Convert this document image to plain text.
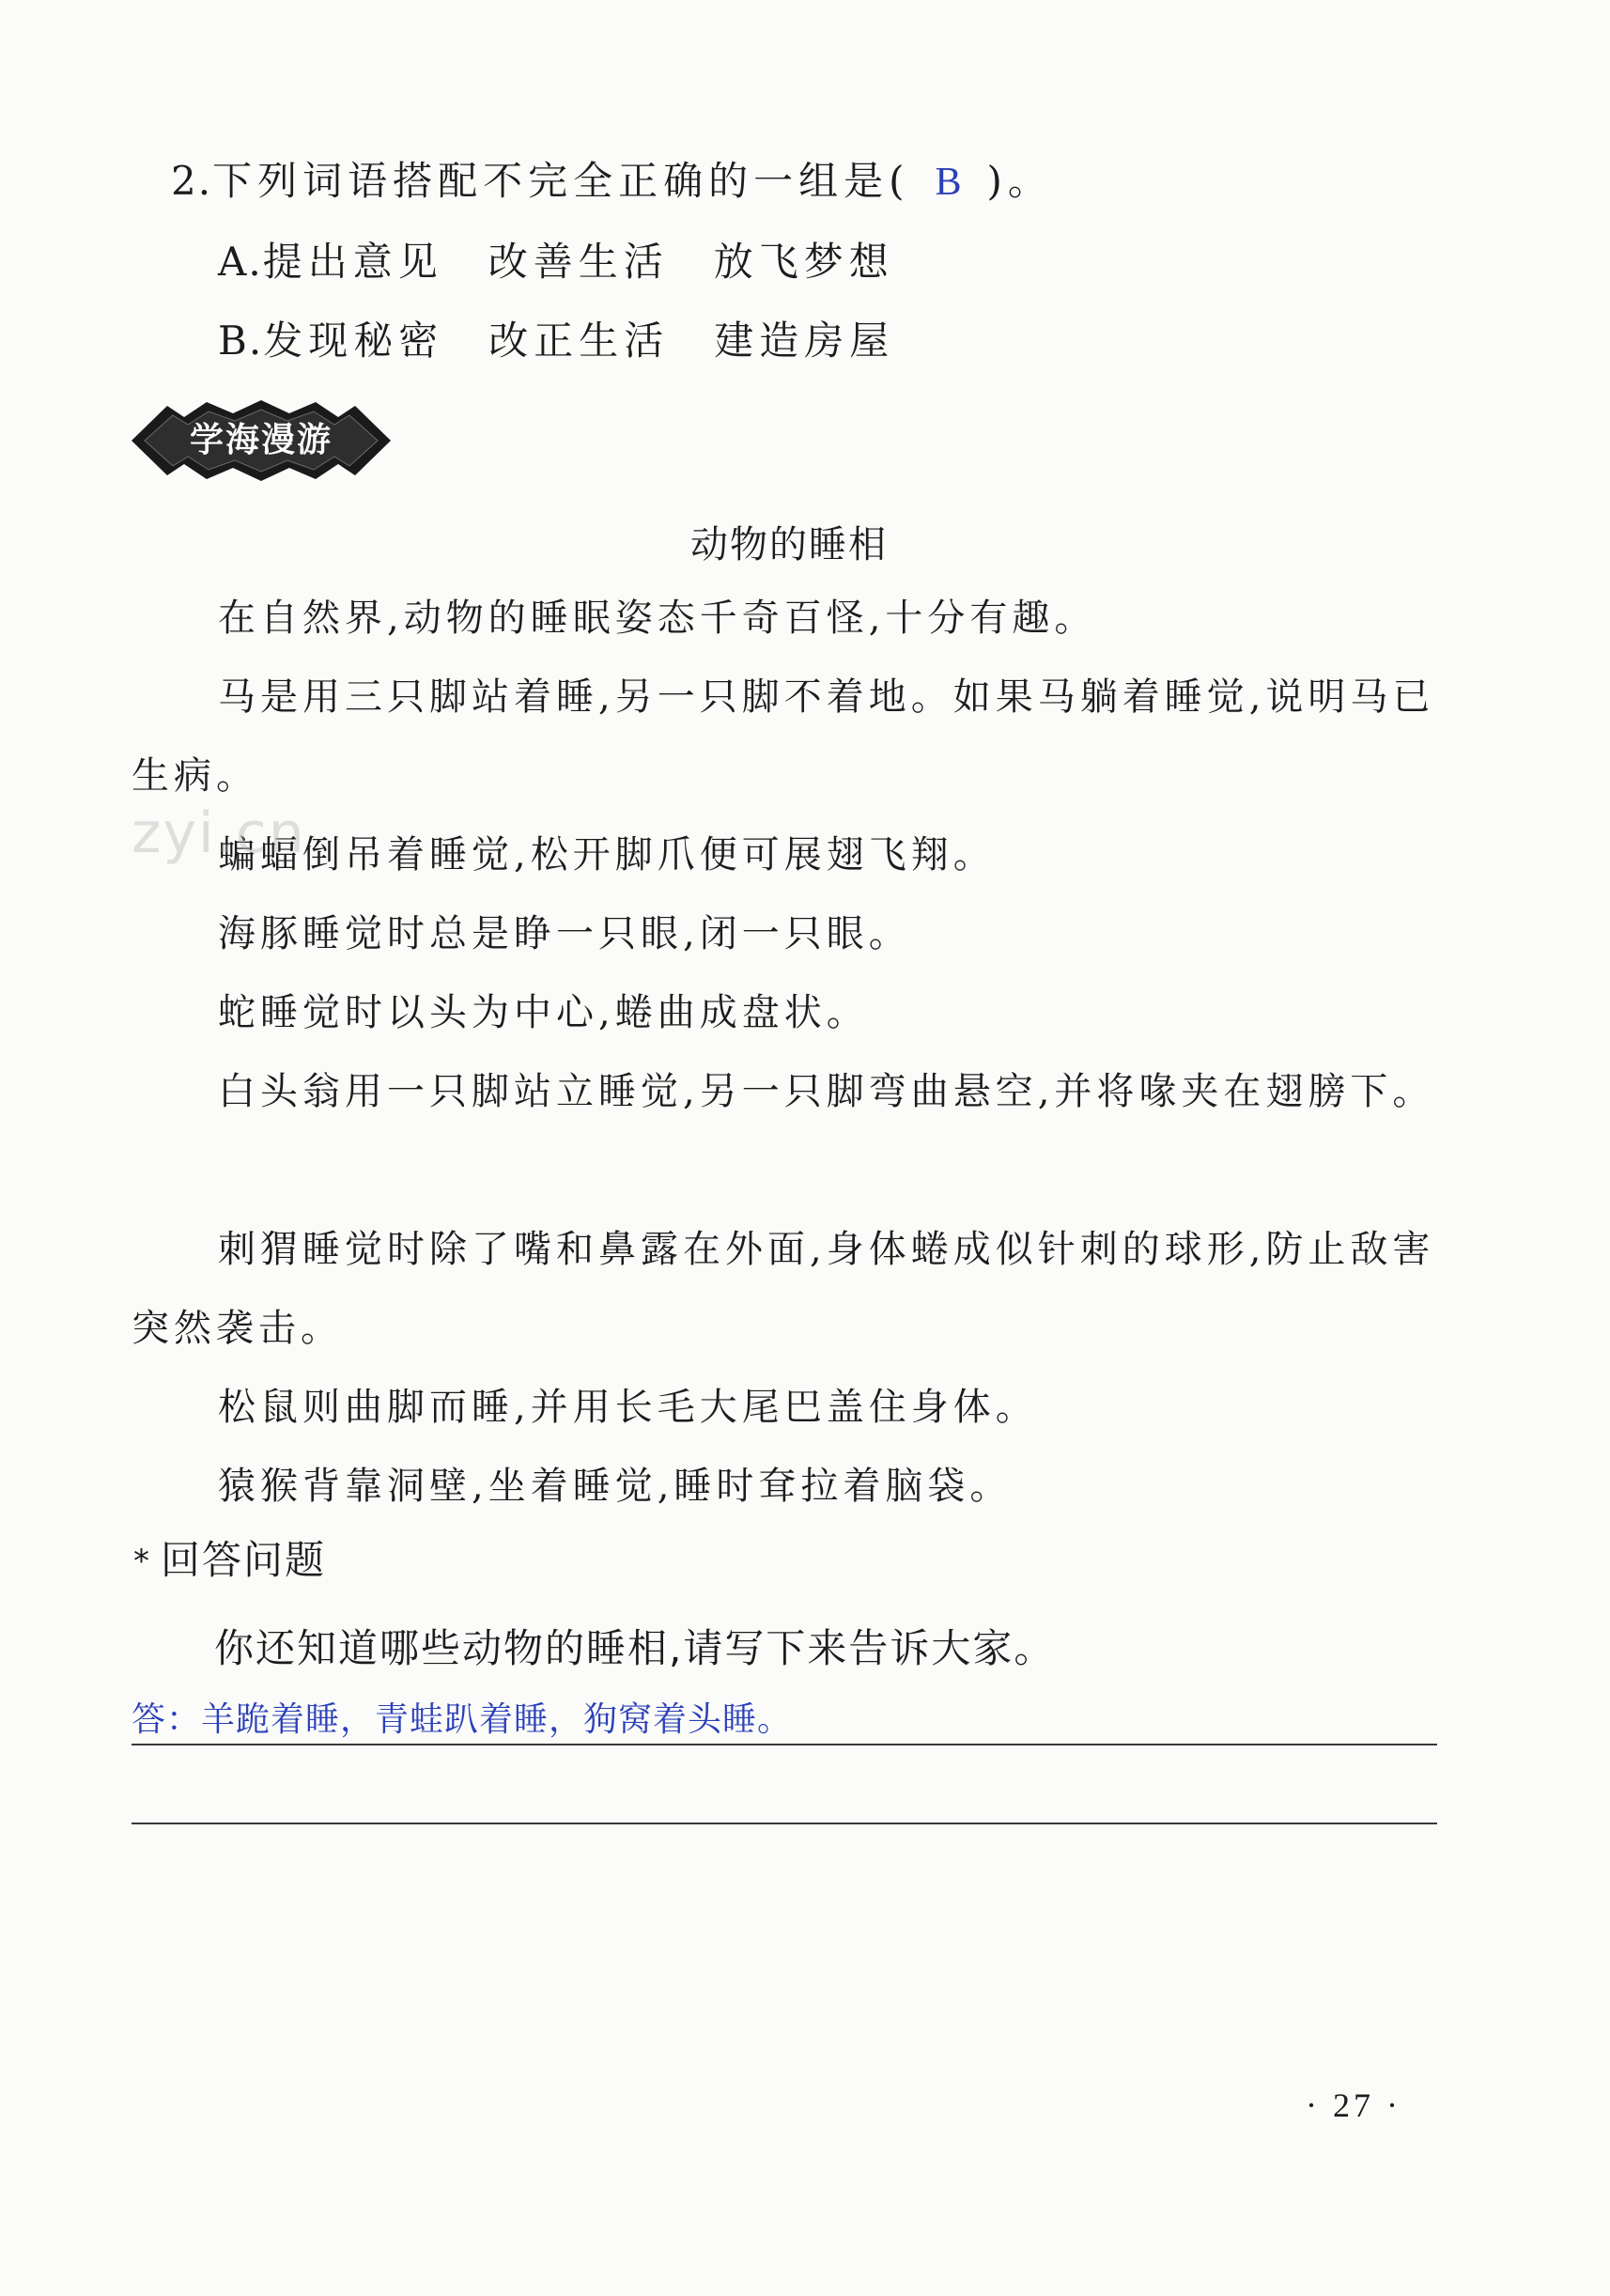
2.下列词语搭配不完全正确的一组是( B )。
A.提出意见 改善生活 放飞梦想
B.发现秘密 改正生活 建造房屋
学海漫游
动物的睡相

在自然界,动物的睡眠姿态千奇百怪,十分有趣。

马是用三只脚站着睡,另一只脚不着地。如果马躺着睡觉,说明马已生病。

蝙蝠倒吊着睡觉,松开脚爪便可展翅飞翔。

海豚睡觉时总是睁一只眼,闭一只眼。

蛇睡觉时以头为中心,蜷曲成盘状。

白头翁用一只脚站立睡觉,另一只脚弯曲悬空,并将喙夹在翅膀下。

刺猬睡觉时除了嘴和鼻露在外面,身体蜷成似针刺的球形,防止敌害突然袭击。

松鼠则曲脚而睡,并用长毛大尾巴盖住身体。

猿猴背靠洞壁,坐着睡觉,睡时耷拉着脑袋。

zyi.cn
* 回答问题
你还知道哪些动物的睡相,请写下来告诉大家。
答：羊跪着睡，青蛙趴着睡，狗窝着头睡。
· 27 ·
